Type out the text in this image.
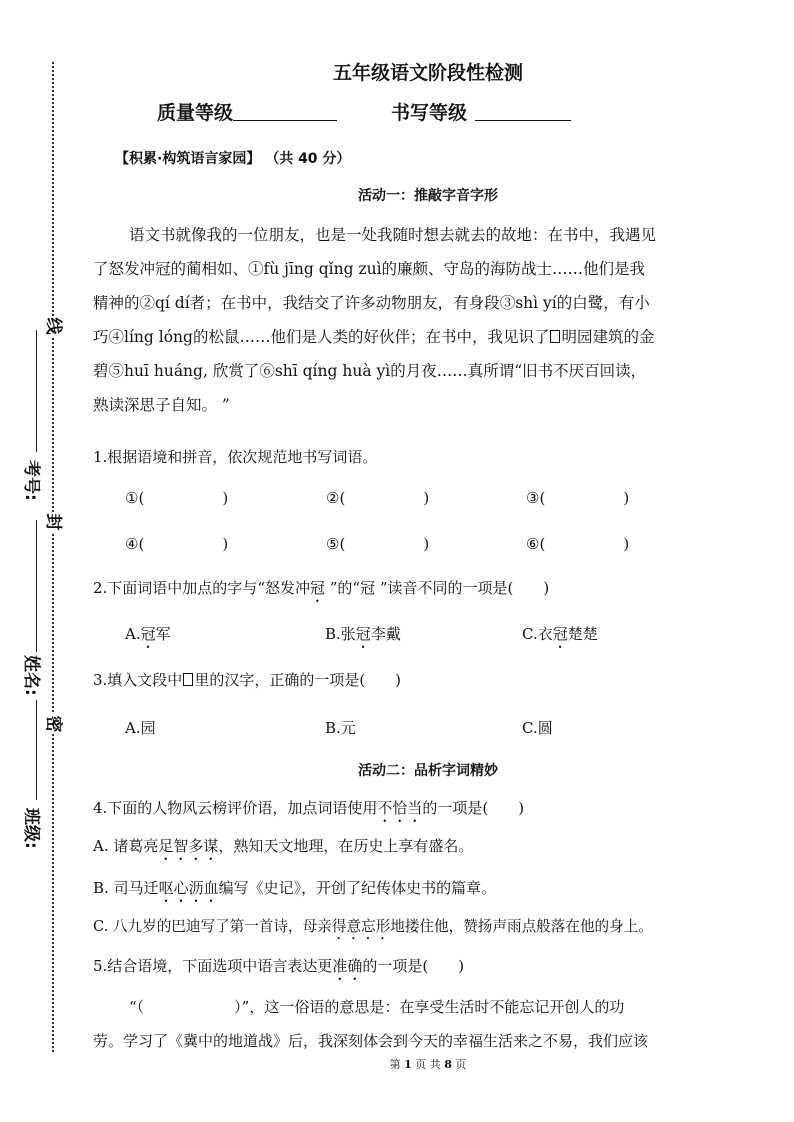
线
封
密
考号:
姓名:
班级:
五年级语文阶段性检测
质量等级	书写等级
【积累·构筑语言家园】 （共 40 分）
活动一：推敲字音字形

语文书就像我的一位朋友，也是一处我随时想去就去的故地：在书中，我遇见

了怒发冲冠的蔺相如、①fù jīng qǐng zuì的廉颇、守岛的海防战士……他们是我

精神的②qí dí者；在书中，我结交了许多动物朋友，有身段③shì yí的白鹭，有小

巧④líng lóng的松鼠……他们是人类的好伙伴；在书中，我见识了 明园建筑的金

碧⑤huī huáng, 欣赏了⑥shī qíng huà yì的月夜……真所谓“旧书不厌百回读，

熟读深思子自知。 ”

1.根据语境和拼音，依次规范地书写词语。
①(	)	②(	)	③(	)
④(	)	⑤(	)	⑥(	)
2.下面词语中加点的字与“怒发冲冠 ”的“冠 ”读音不同的一项是(　　)
A.冠军	B.张冠李戴	C.衣冠楚楚
3.填入文段中 里的汉字，正确的一项是(　　)
A.园	B.元	C.圆
活动二：品析字词精妙
4.下面的人物风云榜评价语，加点词语使用不恰当的一项是(　　)
A. 诸葛亮足智多谋，熟知天文地理，在历史上享有盛名。
B. 司马迁呕心沥血编写《史记》，开创了纪传体史书的篇章。
C. 八九岁的巴迪写了第一首诗，母亲得意忘形地搂住他，赞扬声雨点般落在他的身上。
5.结合语境，下面选项中语言表达更准确的一项是(　　)

“（　　　　　　）”，这一俗语的意思是：在享受生活时不能忘记开创人的功

劳。学习了《冀中的地道战》后，我深刻体会到今天的幸福生活来之不易，我们应该

第 1 页 共 8 页
